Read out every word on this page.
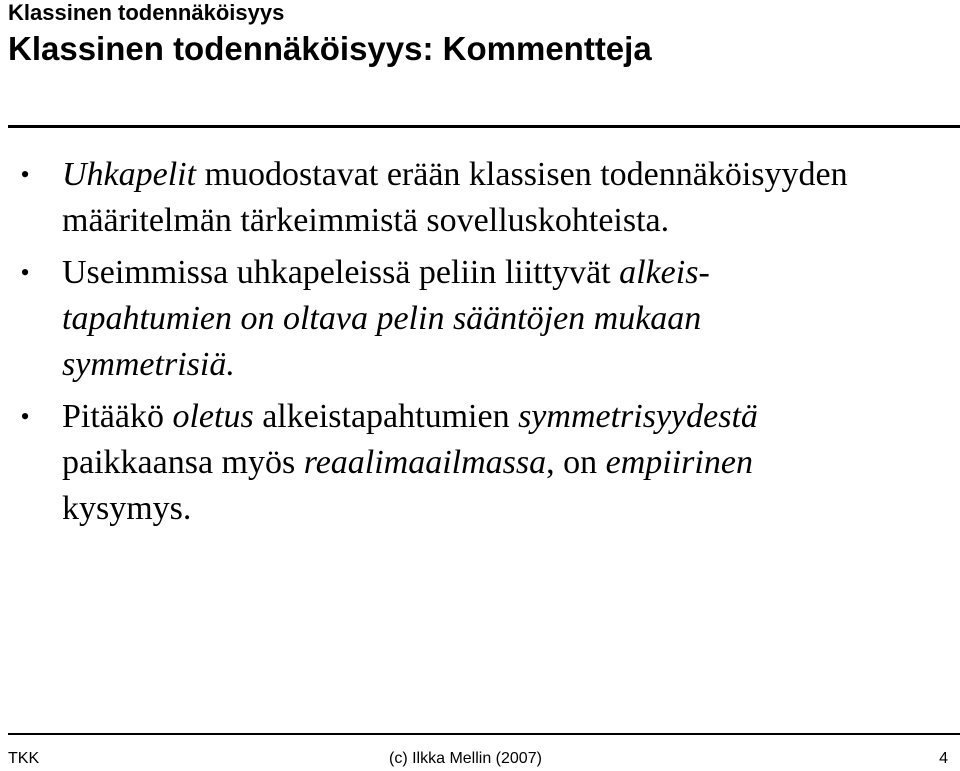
Klassinen todennäköisyys
Klassinen todennäköisyys: Kommentteja
• Uhkapelit muodostavat erään klassisen todennäköisyyden
määritelmän tärkeimmistä sovelluskohteista.
• Useimmissa uhkapeleissä peliin liittyvät alkeis-
tapahtumien on oltava pelin sääntöjen mukaan
symmetrisiä.
• Pitääkö oletus alkeistapahtumien symmetrisyydestä
paikkaansa myös reaalimaailmassa, on empiirinen
kysymys.
TKK	(c) Ilkka Mellin (2007)	4
